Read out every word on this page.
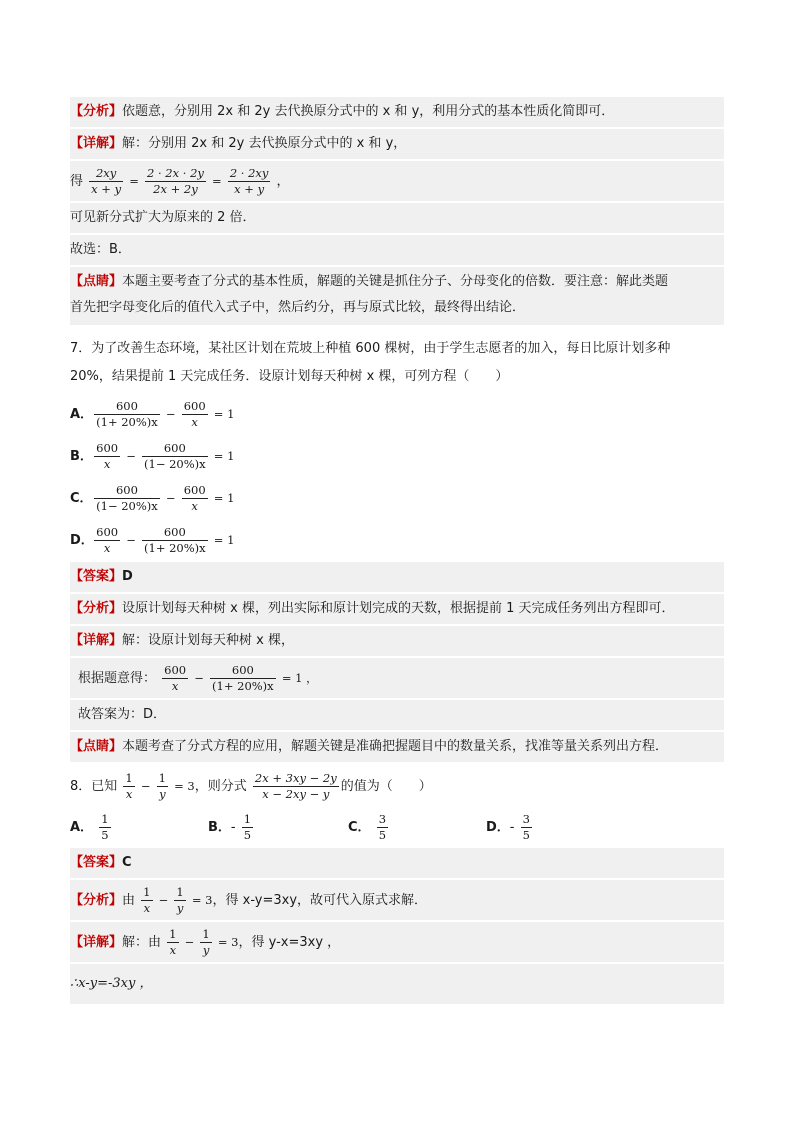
【分析】依题意，分别用 2x 和 2y 去代换原分式中的 x 和 y，利用分式的基本性质化简即可．
【详解】解：分别用 2x 和 2y 去代换原分式中的 x 和 y，
得 $\frac{2xy}{x + y} = \frac{2 \cdot 2x \cdot 2y}{2x + 2y} = \frac{2 \cdot 2xy}{x + y}$ ，
可见新分式扩大为原来的 2 倍．
故选：B．
【点睛】本题主要考查了分式的基本性质，解题的关键是抓住分子、分母变化的倍数．要注意：解此类题
首先把字母变化后的值代入式子中，然后约分，再与原式比较，最终得出结论．
7．为了改善生态环境，某社区计划在荒坡上种植 600 棵树，由于学生志愿者的加入，每日比原计划多种
20%，结果提前 1 天完成任务．设原计划每天种树 x 棵，可列方程（　　）
A． $\frac{600}{(1+ 20\%)x} - \frac{600}{x} = 1$
B． $\frac{600}{x} - \frac{600}{(1- 20\%)x} = 1$
C． $\frac{600}{(1- 20\%)x} - \frac{600}{x} = 1$
D． $\frac{600}{x} - \frac{600}{(1+ 20\%)x} = 1$
【答案】D
【分析】设原计划每天种树 x 棵，列出实际和原计划完成的天数，根据提前 1 天完成任务列出方程即可．
【详解】解：设原计划每天种树 x 棵，
根据题意得： $\frac{600}{x} - \frac{600}{(1+ 20\%)x} = 1$ ，
故答案为：D．
【点睛】本题考查了分式方程的应用，解题关键是准确把握题目中的数量关系，找准等量关系列出方程．
8．已知 $\frac{1}{x} - \frac{1}{y} = 3$，则分式 $\frac{2x + 3xy - 2y}{x - 2xy - y}$ 的值为（　　）
A． $\frac{1}{5}$	B．- $\frac{1}{5}$	C． $\frac{3}{5}$	D．- $\frac{3}{5}$
【答案】C
【分析】由 $\frac{1}{x} - \frac{1}{y} = 3$，得 x-y=3xy，故可代入原式求解．
【详解】解：由 $\frac{1}{x} - \frac{1}{y} = 3$，得 y-x=3xy ，
∴x-y=-3xy ，
